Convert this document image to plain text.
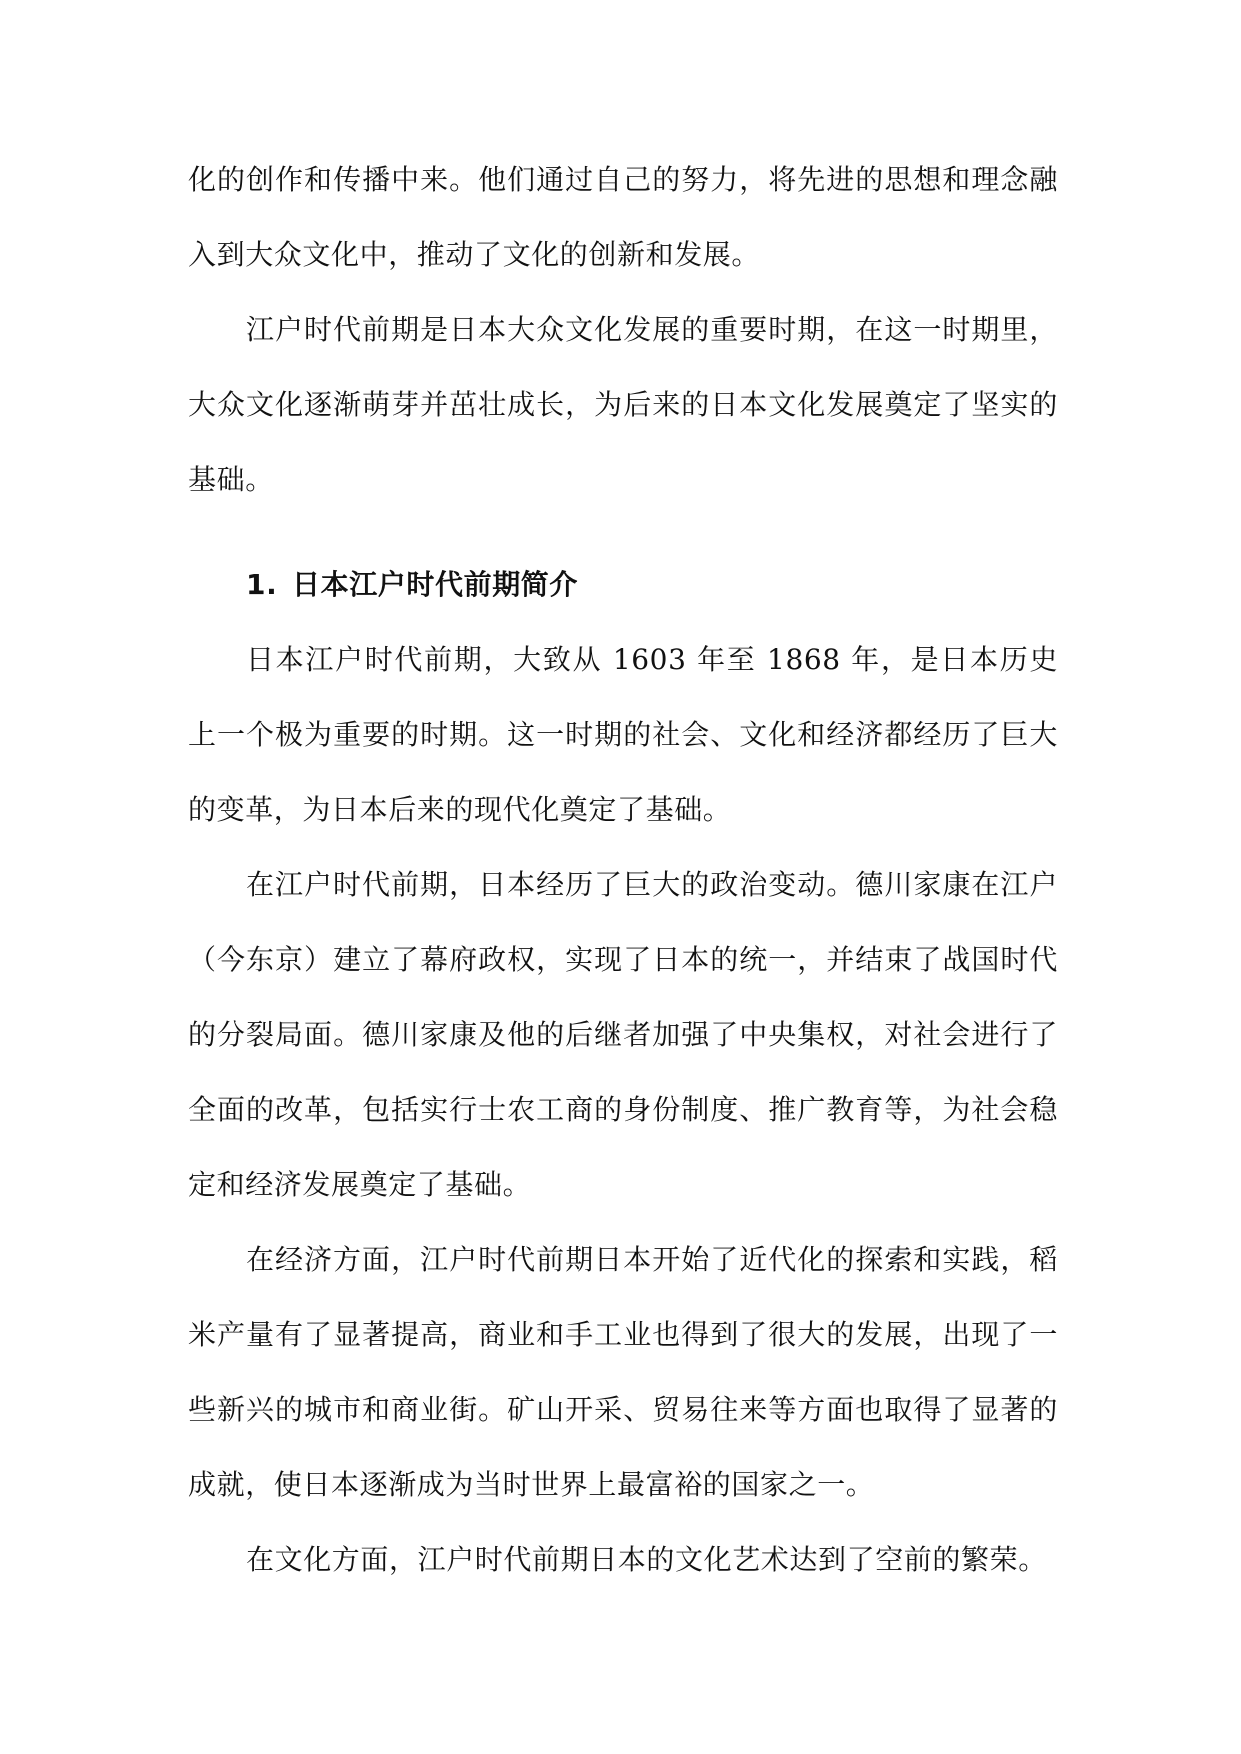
化的创作和传播中来。他们通过自己的努力，将先进的思想和理念融入到大众文化中，推动了文化的创新和发展。

江户时代前期是日本大众文化发展的重要时期，在这一时期里，大众文化逐渐萌芽并茁壮成长，为后来的日本文化发展奠定了坚实的基础。

1. 日本江户时代前期简介

日本江户时代前期，大致从 1603 年至 1868 年，是日本历史上一个极为重要的时期。这一时期的社会、文化和经济都经历了巨大的变革，为日本后来的现代化奠定了基础。

在江户时代前期，日本经历了巨大的政治变动。德川家康在江户（今东京）建立了幕府政权，实现了日本的统一，并结束了战国时代的分裂局面。德川家康及他的后继者加强了中央集权，对社会进行了全面的改革，包括实行士农工商的身份制度、推广教育等，为社会稳定和经济发展奠定了基础。

在经济方面，江户时代前期日本开始了近代化的探索和实践，稻米产量有了显著提高，商业和手工业也得到了很大的发展，出现了一些新兴的城市和商业街。矿山开采、贸易往来等方面也取得了显著的成就，使日本逐渐成为当时世界上最富裕的国家之一。

在文化方面，江户时代前期日本的文化艺术达到了空前的繁荣。
